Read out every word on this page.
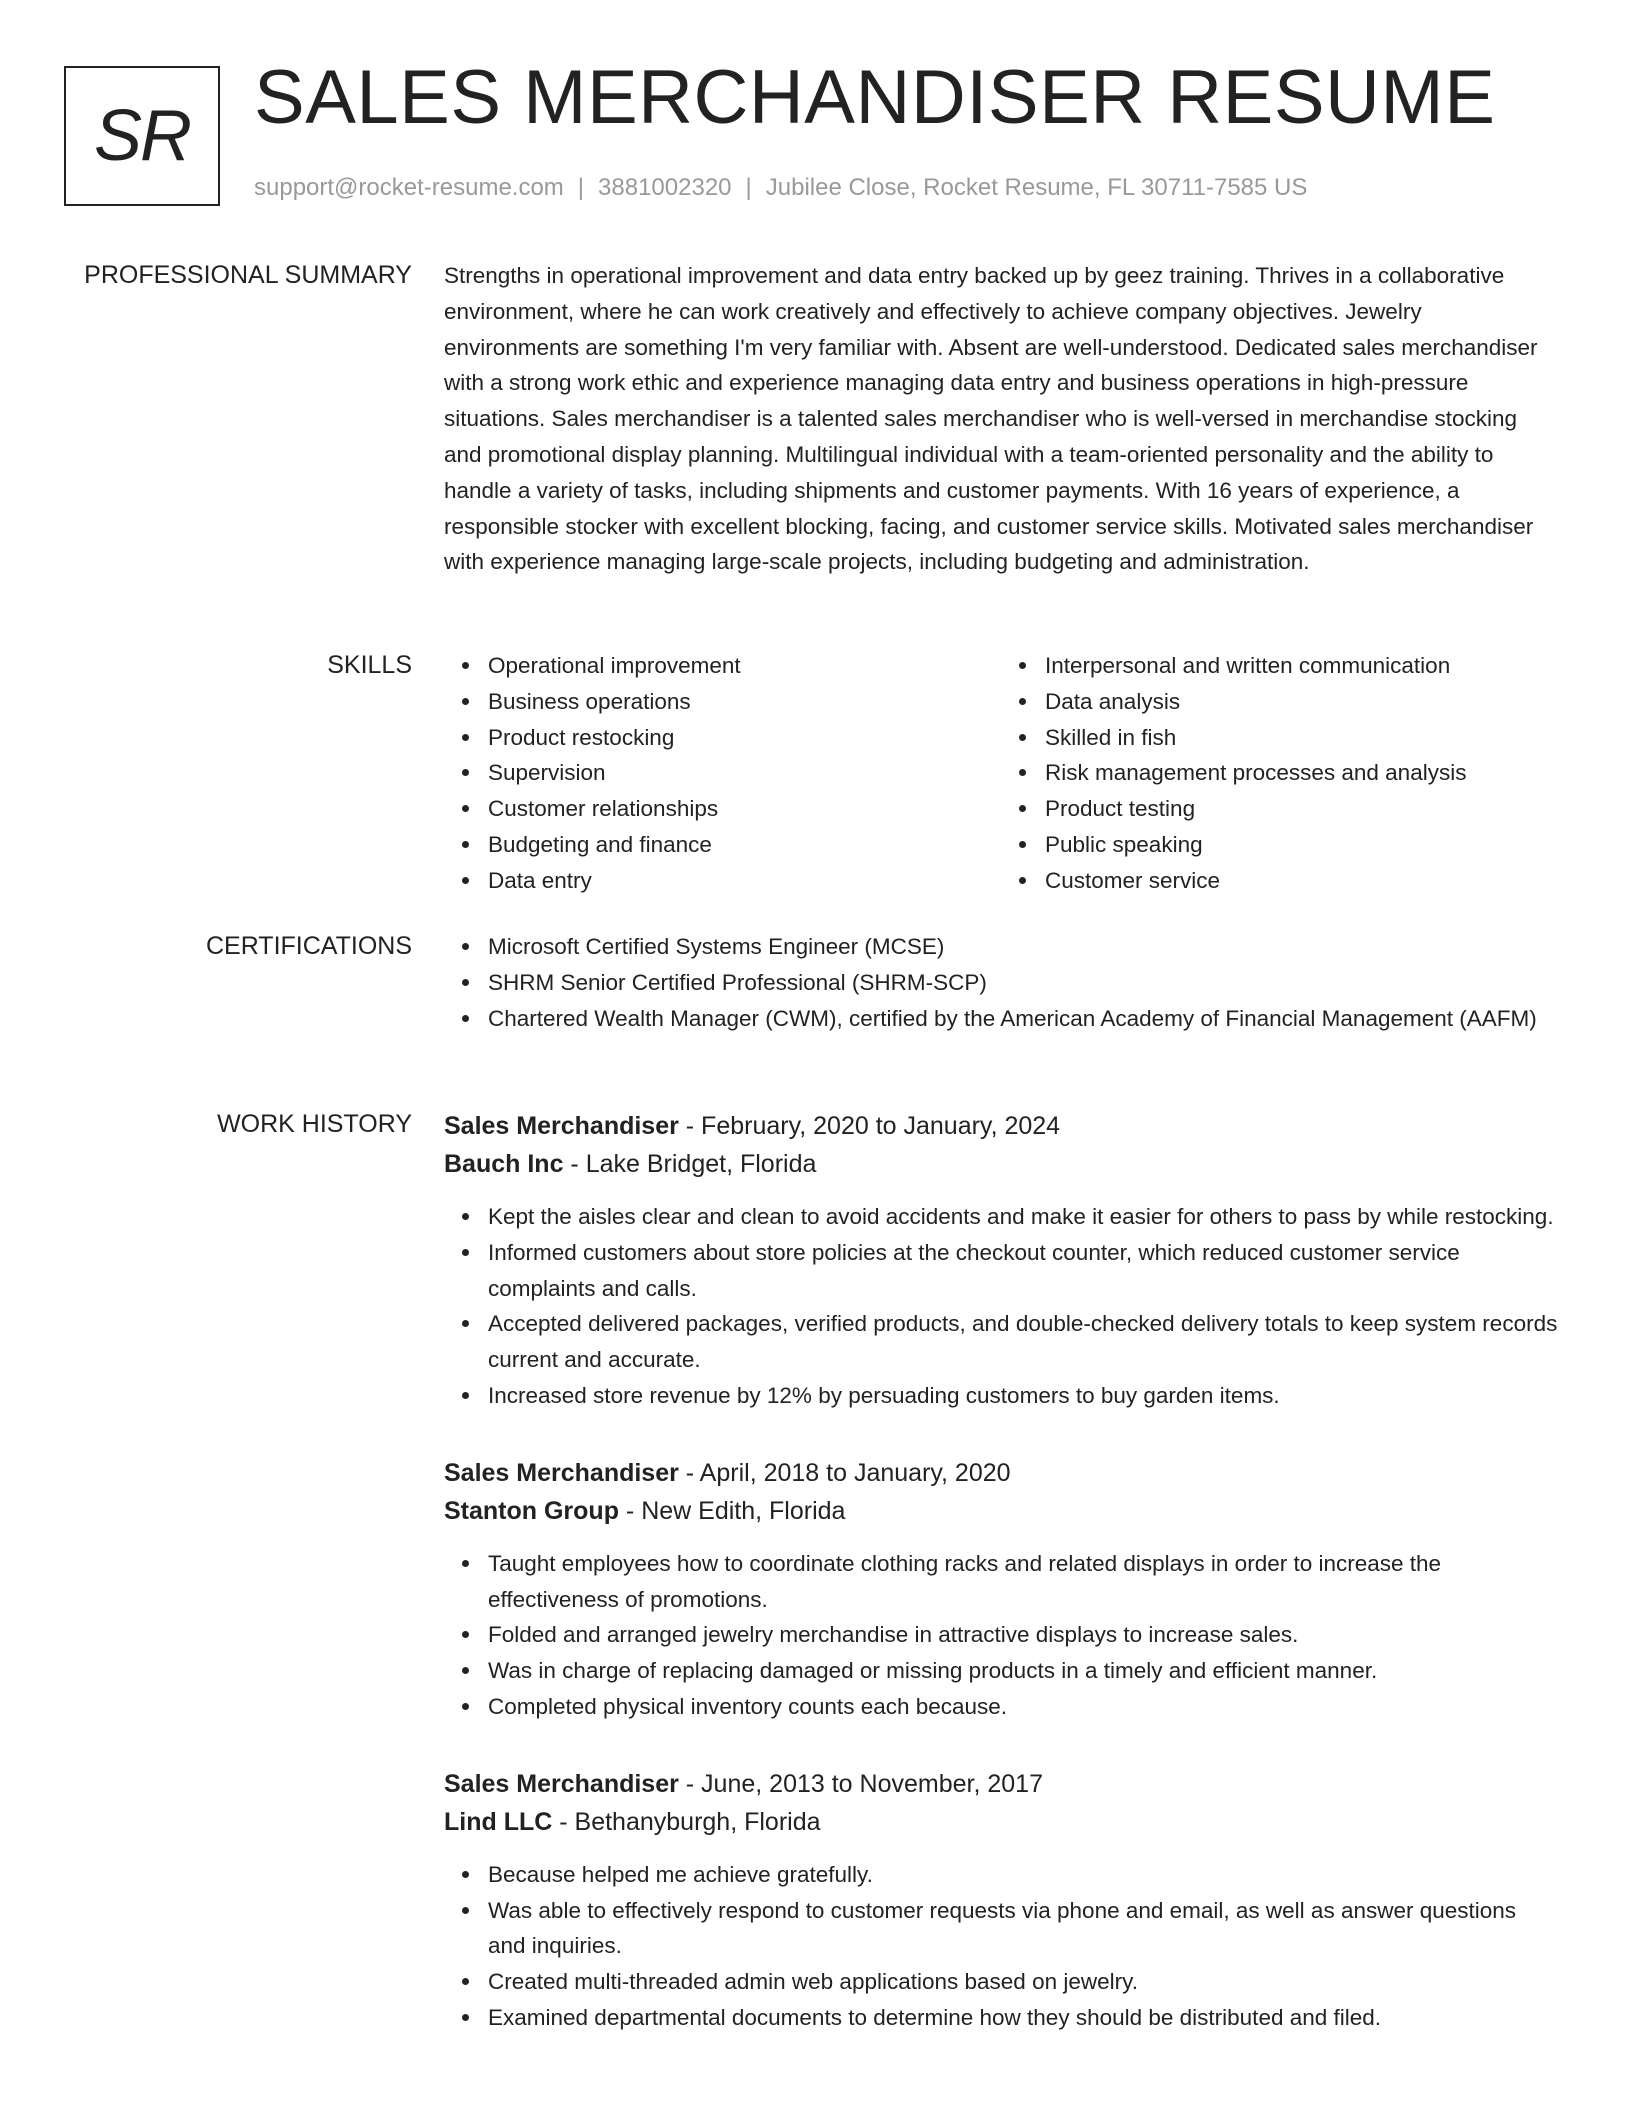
SR SALES MERCHANDISER RESUME
support@rocket-resume.com | 3881002320 | Jubilee Close, Rocket Resume, FL 30711-7585 US
PROFESSIONAL SUMMARY Strengths in operational improvement and data entry backed up by geez training. Thrives in a collaborative environment, where he can work creatively and effectively to achieve company objectives. Jewelry environments are something I'm very familiar with. Absent are well-understood. Dedicated sales merchandiser with a strong work ethic and experience managing data entry and business operations in high-pressure situations. Sales merchandiser is a talented sales merchandiser who is well-versed in merchandise stocking and promotional display planning. Multilingual individual with a team-oriented personality and the ability to handle a variety of tasks, including shipments and customer payments. With 16 years of experience, a responsible stocker with excellent blocking, facing, and customer service skills. Motivated sales merchandiser with experience managing large-scale projects, including budgeting and administration.

SKILLS	Operational improvement
Business operations
Product restocking
Supervision
Customer relationships
Budgeting and finance
Data entry
Interpersonal and written communication
Data analysis
Skilled in fish
Risk management processes and analysis
Product testing
Public speaking
Customer service
CERTIFICATIONS	Microsoft Certified Systems Engineer (MCSE)
SHRM Senior Certified Professional (SHRM-SCP)
Chartered Wealth Manager (CWM), certified by the American Academy of Financial Management (AAFM)
WORK HISTORY Sales Merchandiser - February, 2020 to January, 2024
Bauch Inc - Lake Bridget, Florida
Kept the aisles clear and clean to avoid accidents and make it easier for others to pass by while restocking.
Informed customers about store policies at the checkout counter, which reduced customer service complaints and calls.
Accepted delivered packages, verified products, and double-checked delivery totals to keep system records current and accurate.
Increased store revenue by 12% by persuading customers to buy garden items.
Sales Merchandiser - April, 2018 to January, 2020
Stanton Group - New Edith, Florida
Taught employees how to coordinate clothing racks and related displays in order to increase the effectiveness of promotions.
Folded and arranged jewelry merchandise in attractive displays to increase sales.
Was in charge of replacing damaged or missing products in a timely and efficient manner.
Completed physical inventory counts each because.
Sales Merchandiser - June, 2013 to November, 2017
Lind LLC - Bethanyburgh, Florida
Because helped me achieve gratefully.
Was able to effectively respond to customer requests via phone and email, as well as answer questions and inquiries.
Created multi-threaded admin web applications based on jewelry.
Examined departmental documents to determine how they should be distributed and filed.
